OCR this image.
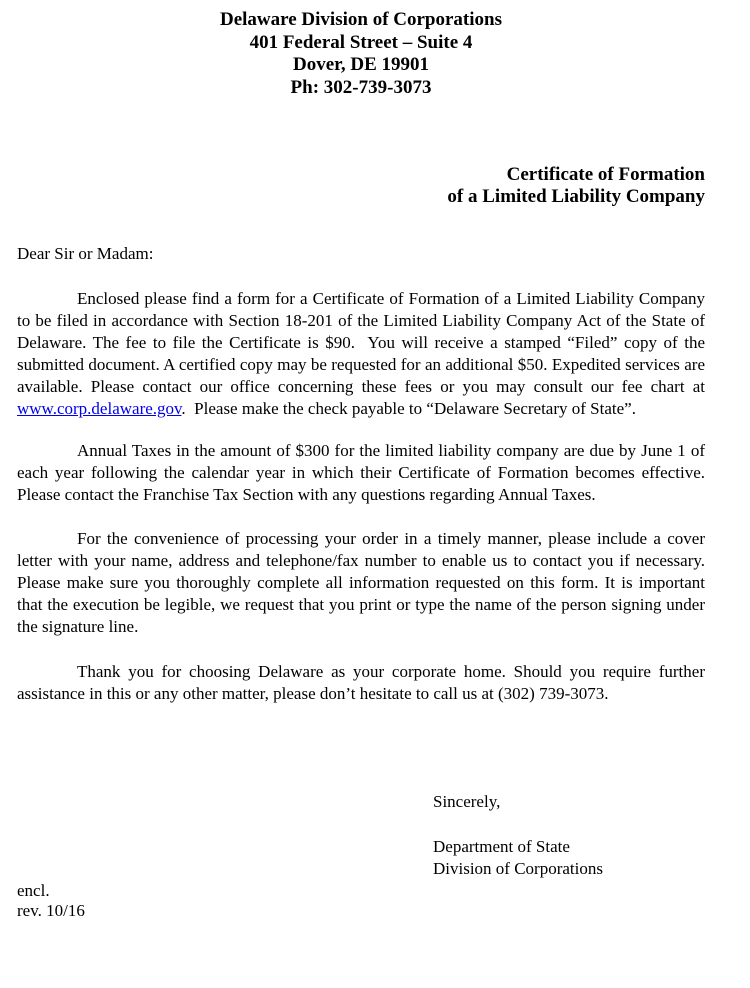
Delaware Division of Corporations
401 Federal Street – Suite 4
Dover, DE 19901
Ph: 302-739-3073
Certificate of Formation
of a Limited Liability Company
Dear Sir or Madam:

Enclosed please find a form for a Certificate of Formation of a Limited Liability Company to be filed in accordance with Section 18-201 of the Limited Liability Company Act of the State of Delaware. The fee to file the Certificate is $90.  You will receive a stamped “Filed” copy of the submitted document. A certified copy may be requested for an additional $50. Expedited services are available. Please contact our office concerning these fees or you may consult our fee chart at www.corp.delaware.gov.  Please make the check payable to “Delaware Secretary of State”.

Annual Taxes in the amount of $300 for the limited liability company are due by June 1 of each year following the calendar year in which their Certificate of Formation becomes effective.  Please contact the Franchise Tax Section with any questions regarding Annual Taxes.

For the convenience of processing your order in a timely manner, please include a cover letter with your name, address and telephone/fax number to enable us to contact you if necessary. Please make sure you thoroughly complete all information requested on this form. It is important that the execution be legible, we request that you print or type the name of the person signing under the signature line.

Thank you for choosing Delaware as your corporate home. Should you require further assistance in this or any other matter, please don’t hesitate to call us at (302) 739-3073.

Sincerely,
Department of State
Division of Corporations
encl.
rev. 10/16
